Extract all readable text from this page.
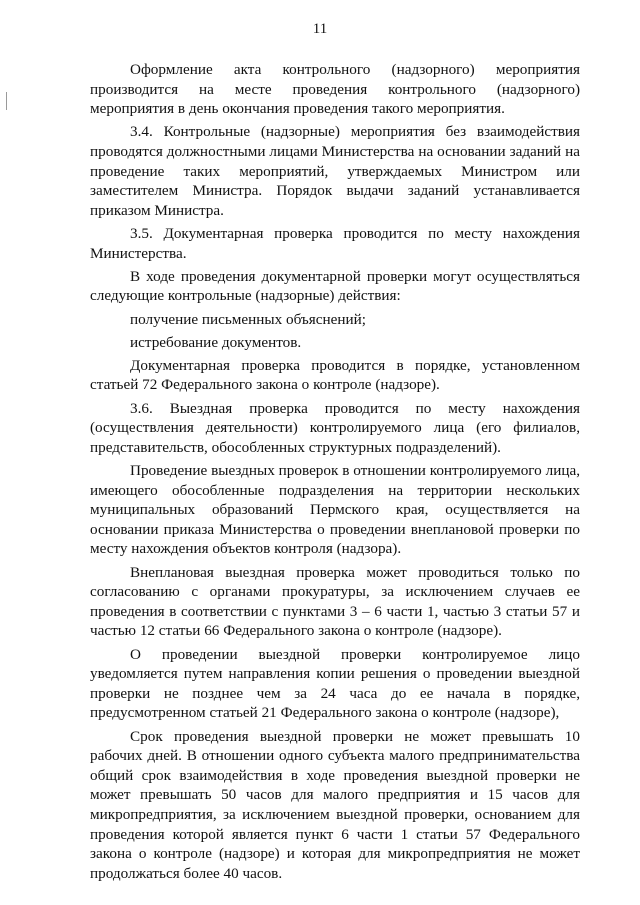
11

Оформление акта контрольного (надзорного) мероприятия производится на месте проведения контрольного (надзорного) мероприятия в день окончания проведения такого мероприятия.

3.4. Контрольные (надзорные) мероприятия без взаимодействия проводятся должностными лицами Министерства на основании заданий на проведение таких мероприятий, утверждаемых Министром или заместителем Министра. Порядок выдачи заданий устанавливается приказом Министра.

3.5. Документарная проверка проводится по месту нахождения Министерства.

В ходе проведения документарной проверки могут осуществляться следующие контрольные (надзорные) действия:

получение письменных объяснений;

истребование документов.

Документарная проверка проводится в порядке, установленном статьей 72 Федерального закона о контроле (надзоре).

3.6. Выездная проверка проводится по месту нахождения (осуществления деятельности) контролируемого лица (его филиалов, представительств, обособленных структурных подразделений).

Проведение выездных проверок в отношении контролируемого лица, имеющего обособленные подразделения на территории нескольких муниципальных образований Пермского края, осуществляется на основании приказа Министерства о проведении внеплановой проверки по месту нахождения объектов контроля (надзора).

Внеплановая выездная проверка может проводиться только по согласованию с органами прокуратуры, за исключением случаев ее проведения в соответствии с пунктами 3 – 6 части 1, частью 3 статьи 57 и частью 12 статьи 66 Федерального закона о контроле (надзоре).

О проведении выездной проверки контролируемое лицо уведомляется путем направления копии решения о проведении выездной проверки не позднее чем за 24 часа до ее начала в порядке, предусмотренном статьей 21 Федерального закона о контроле (надзоре),

Срок проведения выездной проверки не может превышать 10 рабочих дней. В отношении одного субъекта малого предпринимательства общий срок взаимодействия в ходе проведения выездной проверки не может превышать 50 часов для малого предприятия и 15 часов для микропредприятия, за исключением выездной проверки, основанием для проведения которой является пункт 6 части 1 статьи 57 Федерального закона о контроле (надзоре) и которая для микропредприятия не может продолжаться более 40 часов.
